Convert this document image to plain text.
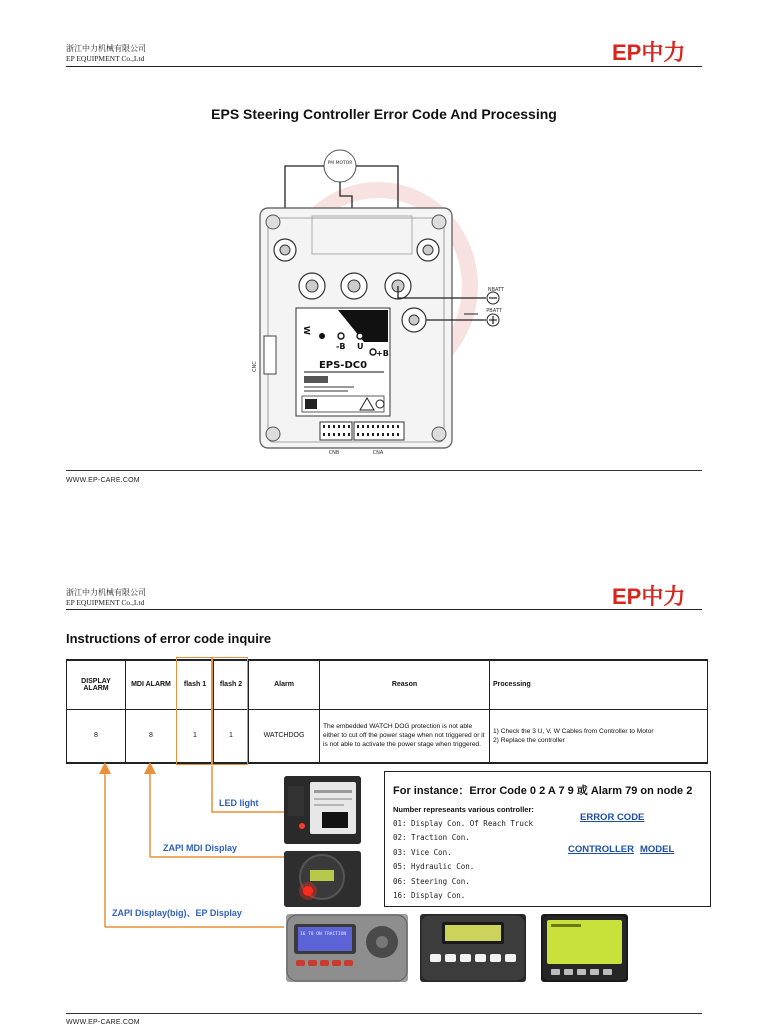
浙江中力机械有限公司
EP EQUIPMENT Co.,Ltd	EP中力
EPS Steering Controller Error Code And Processing
PM MOTOR
NBATT
PBATT
W
-B U
+B
EPS-DC0
CNC
CNB	CNA
WWW.EP-CARE.COM
浙江中力机械有限公司
EP EQUIPMENT Co.,Ltd	EP中力
Instructions of error code inquire
DISPLAY ALARM	MDI ALARM	flash 1	flash 2	Alarm	Reason	Processing
8	8	1	1	WATCHDOG	The embedded WATCH DOG protection is not able either to cut off the power stage when not triggered or it is not able to activate the power stage when triggered.	1) Check the 3 U, V, W Cables from Controller to Motor
2) Replace the controller
LED light
ZAPI MDI Display
ZAPI Display(big)、EP Display
16 78 ON TRACTION
For instance：Error Code 0 2 A 7 9 或 Alarm 79 on node 2
Number represeants various controller:
01: Display Con. Of Reach Truck
02: Traction Con.
03: Vice Con.
05: Hydraulic Con.
06: Steering Con.
16: Display Con.
ERROR CODE
CONTROLLER MODEL
WWW.EP-CARE.COM
